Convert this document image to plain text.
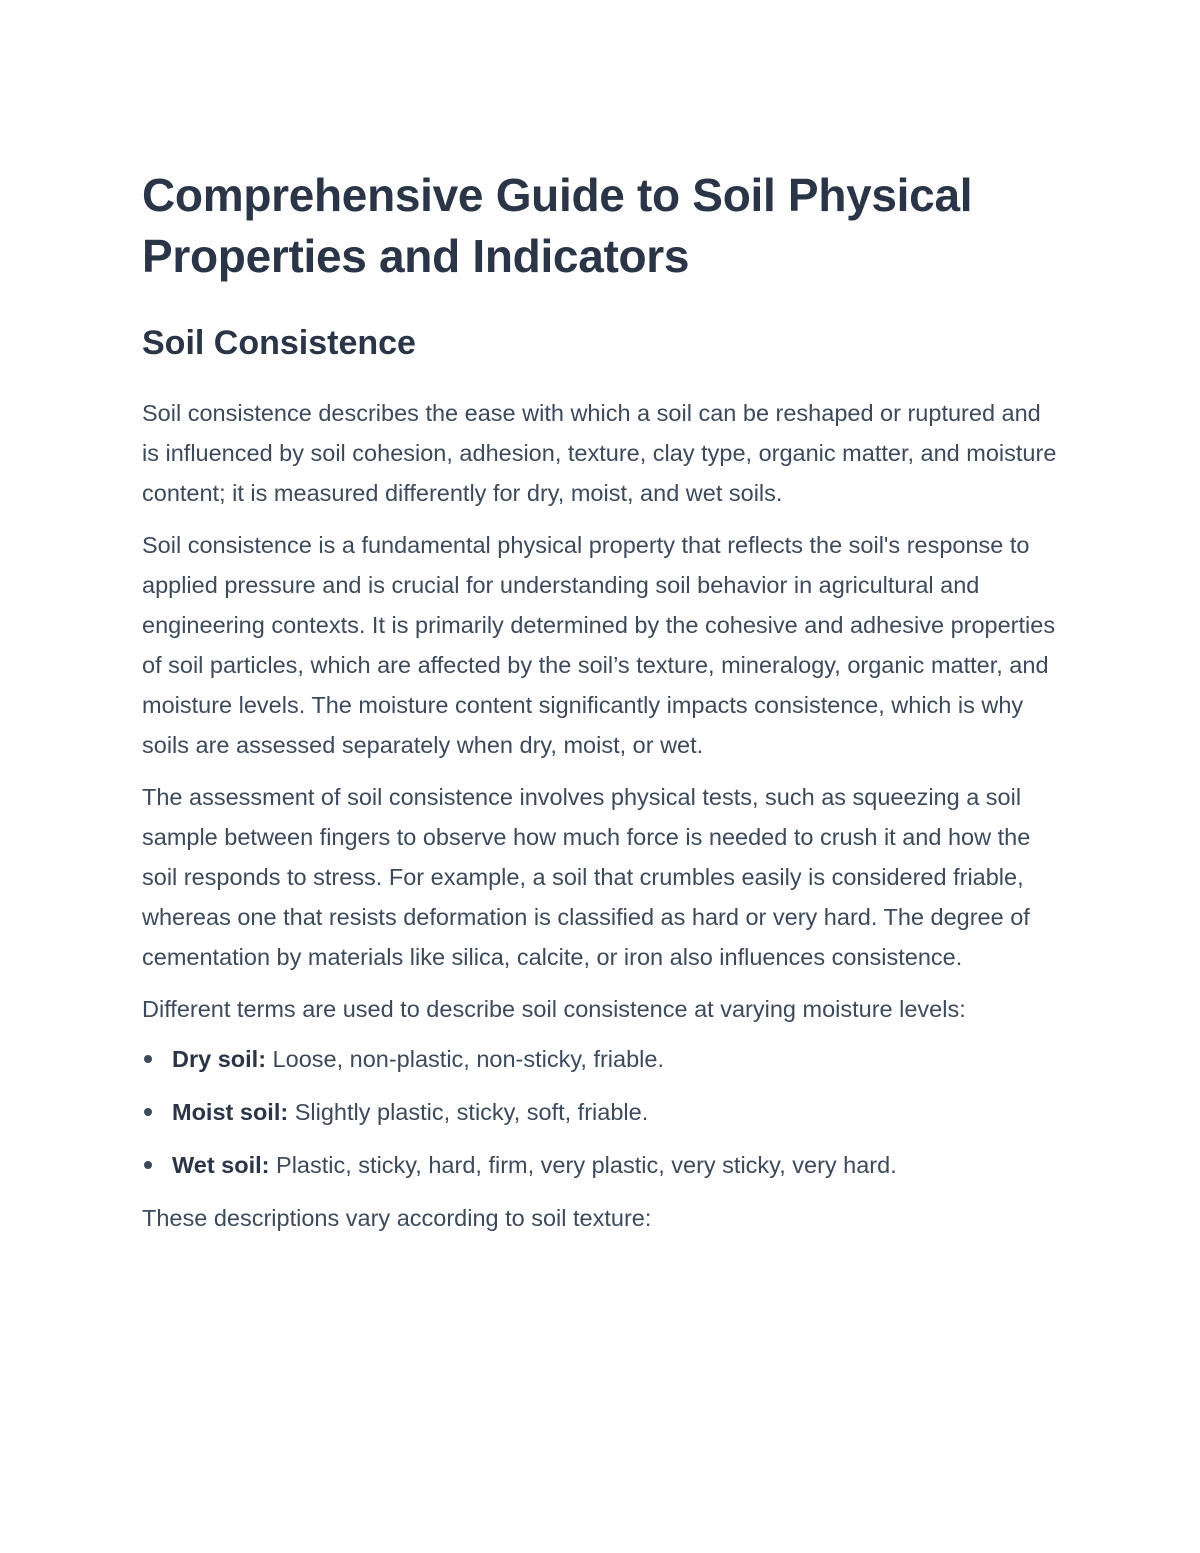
Comprehensive Guide to Soil Physical Properties and Indicators
Soil Consistence

Soil consistence describes the ease with which a soil can be reshaped or ruptured and is influenced by soil cohesion, adhesion, texture, clay type, organic matter, and moisture content; it is measured differently for dry, moist, and wet soils.

Soil consistence is a fundamental physical property that reflects the soil's response to applied pressure and is crucial for understanding soil behavior in agricultural and engineering contexts. It is primarily determined by the cohesive and adhesive properties of soil particles, which are affected by the soil’s texture, mineralogy, organic matter, and moisture levels. The moisture content significantly impacts consistence, which is why soils are assessed separately when dry, moist, or wet.

The assessment of soil consistence involves physical tests, such as squeezing a soil sample between fingers to observe how much force is needed to crush it and how the soil responds to stress. For example, a soil that crumbles easily is considered friable, whereas one that resists deformation is classified as hard or very hard. The degree of cementation by materials like silica, calcite, or iron also influences consistence.

Different terms are used to describe soil consistence at varying moisture levels:

Dry soil: Loose, non-plastic, non-sticky, friable.
Moist soil: Slightly plastic, sticky, soft, friable.
Wet soil: Plastic, sticky, hard, firm, very plastic, very sticky, very hard.

These descriptions vary according to soil texture:
